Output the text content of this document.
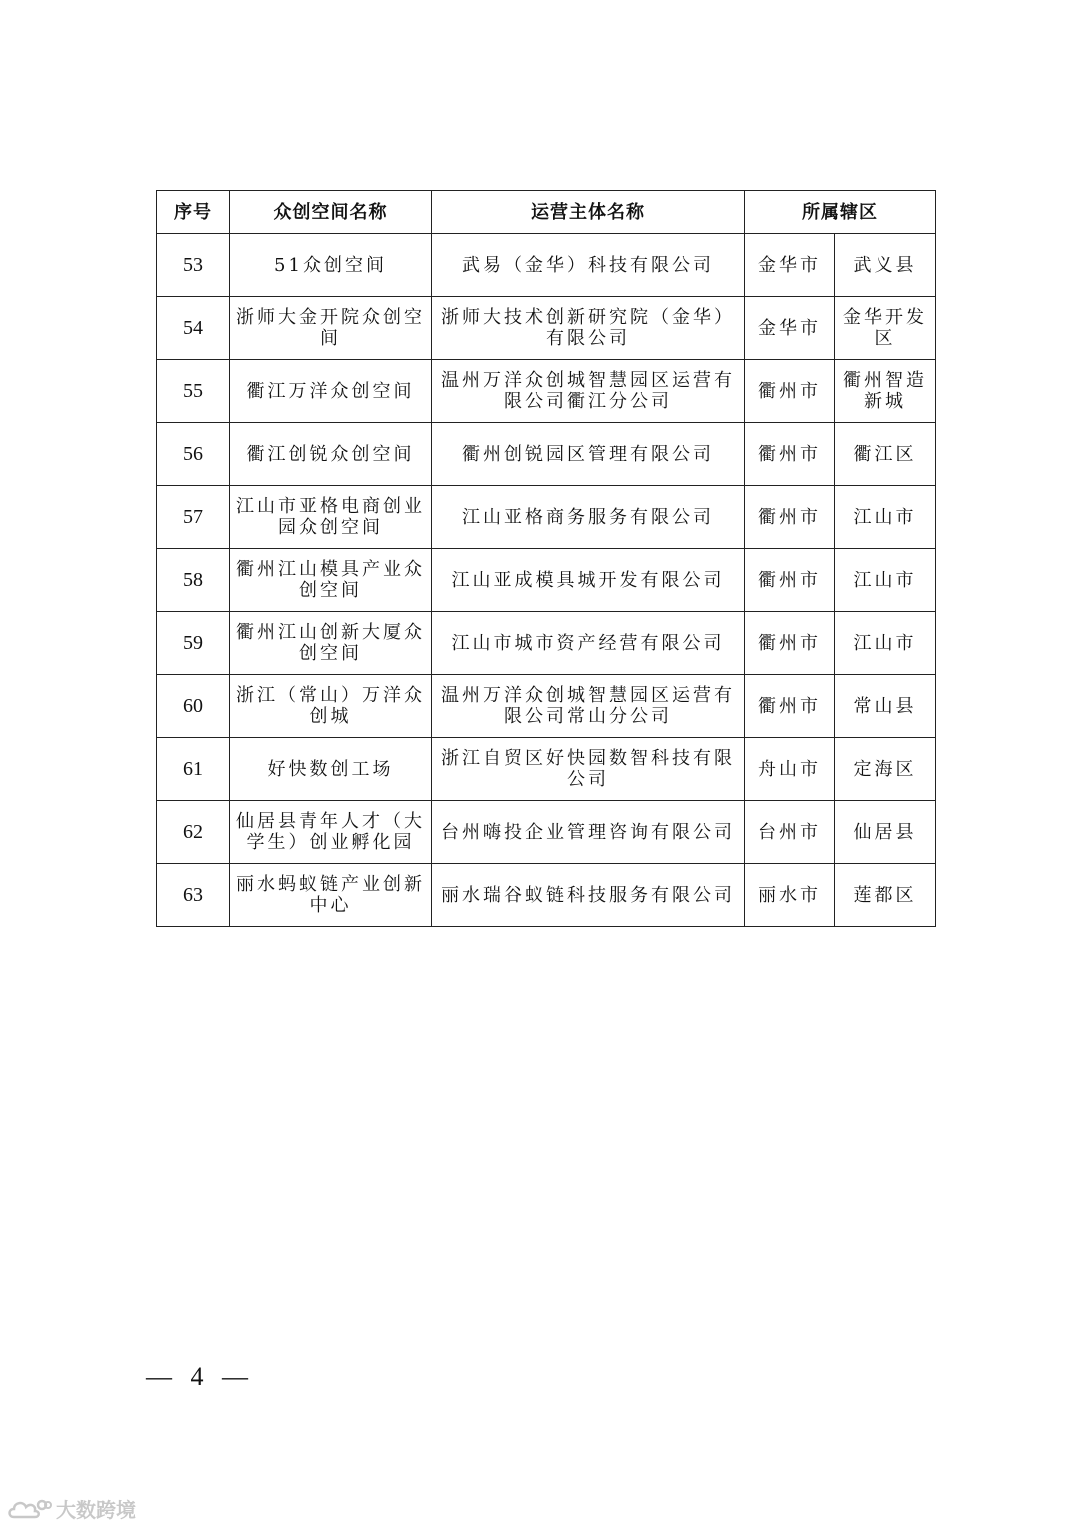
序号	众创空间名称	运营主体名称	所属辖区	
53	51众创空间	武易（金华）科技有限公司	金华市	武义县
54	浙师大金开院众创空间	浙师大技术创新研究院（金华）有限公司	金华市	金华开发区
55	衢江万洋众创空间	温州万洋众创城智慧园区运营有限公司衢江分公司	衢州市	衢州智造新城
56	衢江创锐众创空间	衢州创锐园区管理有限公司	衢州市	衢江区
57	江山市亚格电商创业园众创空间	江山亚格商务服务有限公司	衢州市	江山市
58	衢州江山模具产业众创空间	江山亚成模具城开发有限公司	衢州市	江山市
59	衢州江山创新大厦众创空间	江山市城市资产经营有限公司	衢州市	江山市
60	浙江（常山）万洋众创城	温州万洋众创城智慧园区运营有限公司常山分公司	衢州市	常山县
61	好快数创工场	浙江自贸区好快园数智科技有限公司	舟山市	定海区
62	仙居县青年人才（大学生）创业孵化园	台州嗨投企业管理咨询有限公司	台州市	仙居县
63	丽水蚂蚁链产业创新中心	丽水瑞谷蚁链科技服务有限公司	丽水市	莲都区
— 4 —
大数跨境
